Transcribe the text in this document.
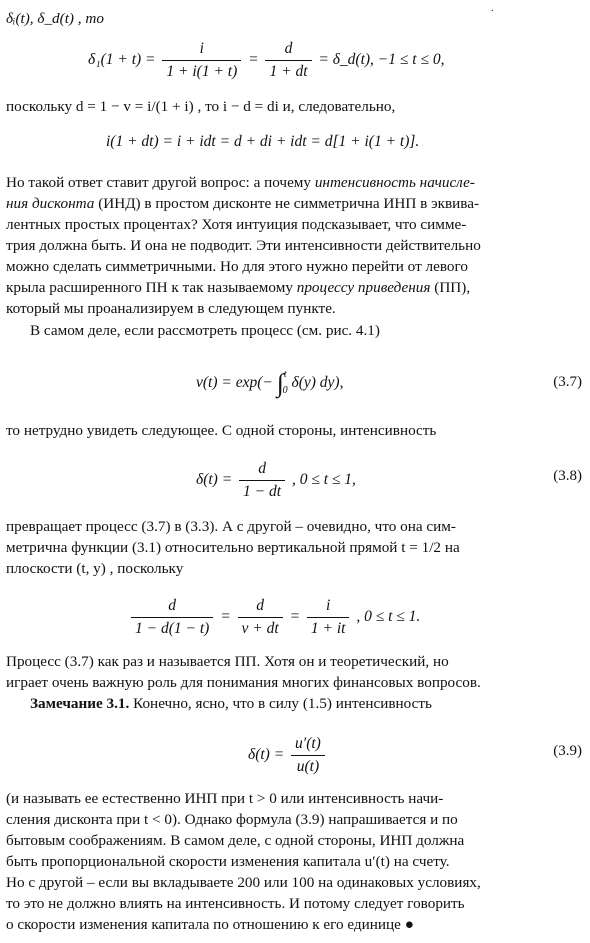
·
δᵢ(t), δ_d(t) , то
$\delta_1(1 + t) = \frac{i}{1 + i(1 + t)} = \frac{d}{1 + dt}$ = δ_d(t), −1 ≤ t ≤ 0,
поскольку d = 1 − v = i/(1 + i) , то i − d = di и, следовательно,
i(1 + dt) = i + idt = d + di + idt = d[1 + i(1 + t)].
Но такой ответ ставит другой вопрос: а почему интенсивность начисле-
ния дисконта (ИНД) в простом дисконте не симметрична ИНП в эквива-
лентных простых процентах? Хотя интуиция подсказывает, что симме-
трия должна быть. И она не подводит. Эти интенсивности действительно
можно сделать симметричными. Но для этого нужно перейти от левого
крыла расширенного ПН к так называемому процессу приведения (ПП),
который мы проанализируем в следующем пункте.
В самом деле, если рассмотреть процесс (см. рис. 4.1)
v(t) = exp(− ∫$^t_0$ δ(y) dy),	(3.7)
то нетрудно увидеть следующее. С одной стороны, интенсивность
$\delta(t) = \frac{d}{1 - dt}$ , 0 ≤ t ≤ 1,	(3.8)
превращает процесс (3.7) в (3.3). А с другой – очевидно, что она сим-
метрична функции (3.1) относительно вертикальной прямой t = 1/2 на
плоскости (t, y) , поскольку
$\frac{d}{1 - d(1 - t)} = \frac{d}{v + dt} = \frac{i}{1 + it}$ , 0 ≤ t ≤ 1.
Процесс (3.7) как раз и называется ПП. Хотя он и теоретический, но
играет очень важную роль для понимания многих финансовых вопросов.
Замечание 3.1. Конечно, ясно, что в силу (1.5) интенсивность
$\delta(t) = \frac{u'(t)}{u(t)}$	(3.9)
(и называть ее естественно ИНП при t > 0 или интенсивность начи-
сления дисконта при t < 0). Однако формула (3.9) напрашивается и по
бытовым соображениям. В самом деле, с одной стороны, ИНП должна
быть пропорциональной скорости изменения капитала u′(t) на счету.
Но с другой – если вы вкладываете 200 или 100 на одинаковых условиях,
то это не должно влиять на интенсивность. И потому следует говорить
о скорости изменения капитала по отношению к его единице ●
